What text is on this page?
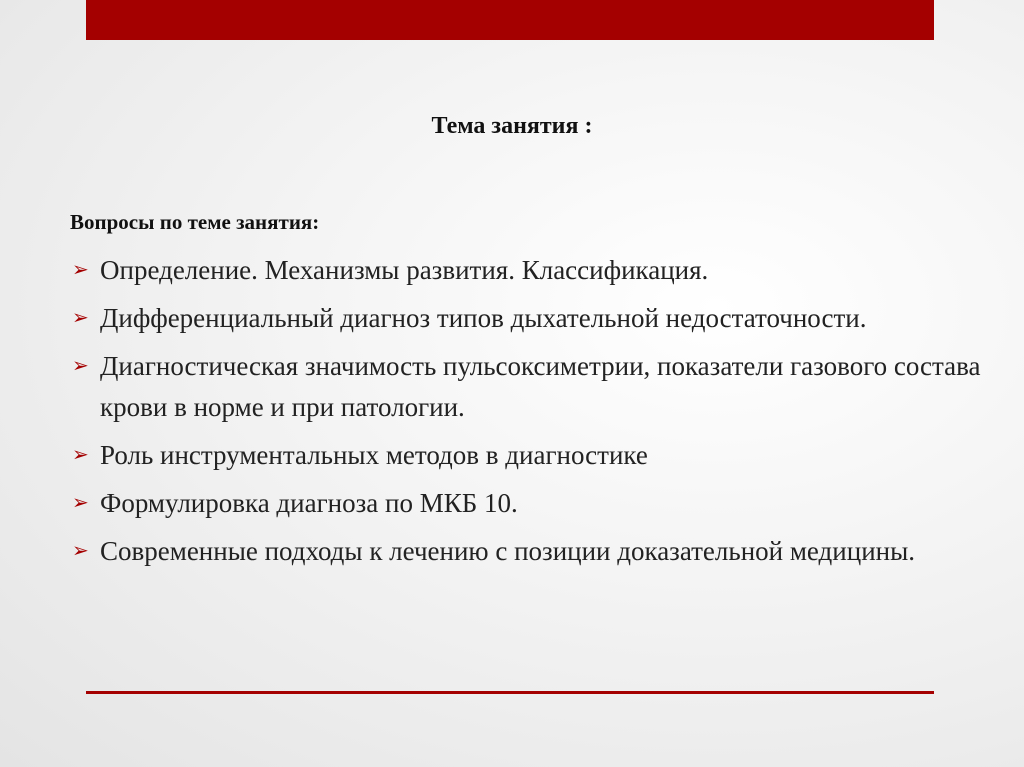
Тема занятия :
Вопросы по теме занятия:
➢ Определение. Механизмы развития. Классификация.
➢ Дифференциальный диагноз типов дыхательной недостаточности.
➢ Диагностическая значимость пульсоксиметрии, показатели газового состава крови в норме и при патологии.
➢ Роль инструментальных методов в диагностике
➢ Формулировка диагноза по МКБ 10.
➢ Современные подходы к лечению с позиции доказательной медицины.
